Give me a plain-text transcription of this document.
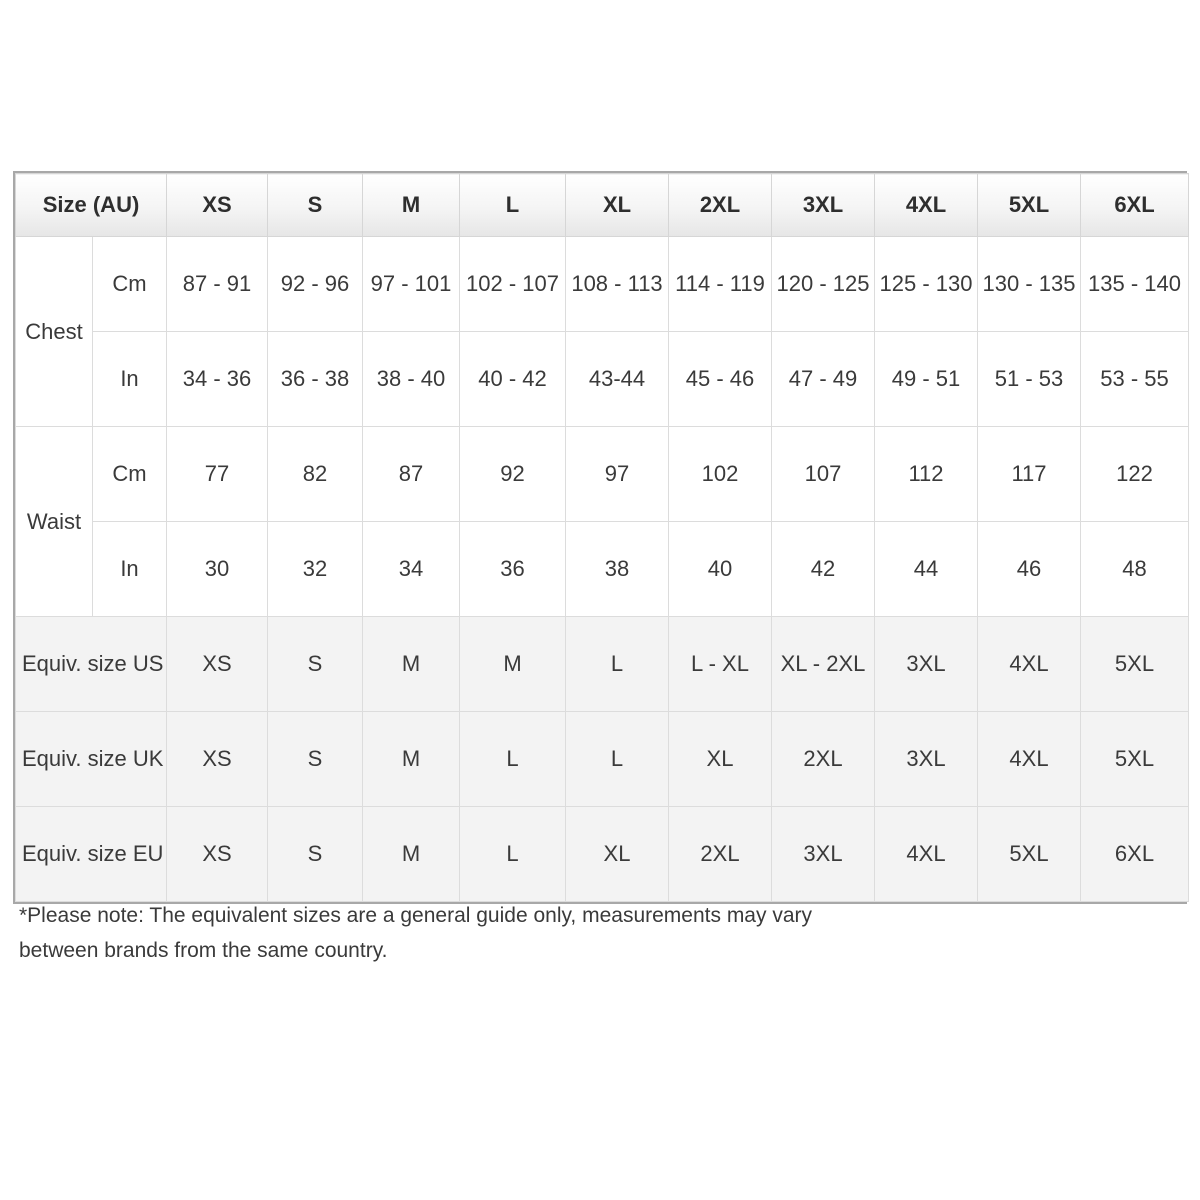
Size (AU)		XS	S	M	L	XL	2XL	3XL	4XL	5XL	6XL
Chest	Cm	87 - 91	92 - 96	97 - 101	102 - 107	108 - 113	114 - 119	120 - 125	125 - 130	130 - 135	135 - 140
	In	34 - 36	36 - 38	38 - 40	40 - 42	43-44	45 - 46	47 - 49	49 - 51	51 - 53	53 - 55
Waist	Cm	77	82	87	92	97	102	107	112	117	122
	In	30	32	34	36	38	40	42	44	46	48
Equiv. size US		XS	S	M	M	L	L - XL	XL - 2XL	3XL	4XL	5XL
Equiv. size UK		XS	S	M	L	L	XL	2XL	3XL	4XL	5XL
Equiv. size EU		XS	S	M	L	XL	2XL	3XL	4XL	5XL	6XL
*Please note: The equivalent sizes are a general guide only, measurements may vary
between brands from the same country.
